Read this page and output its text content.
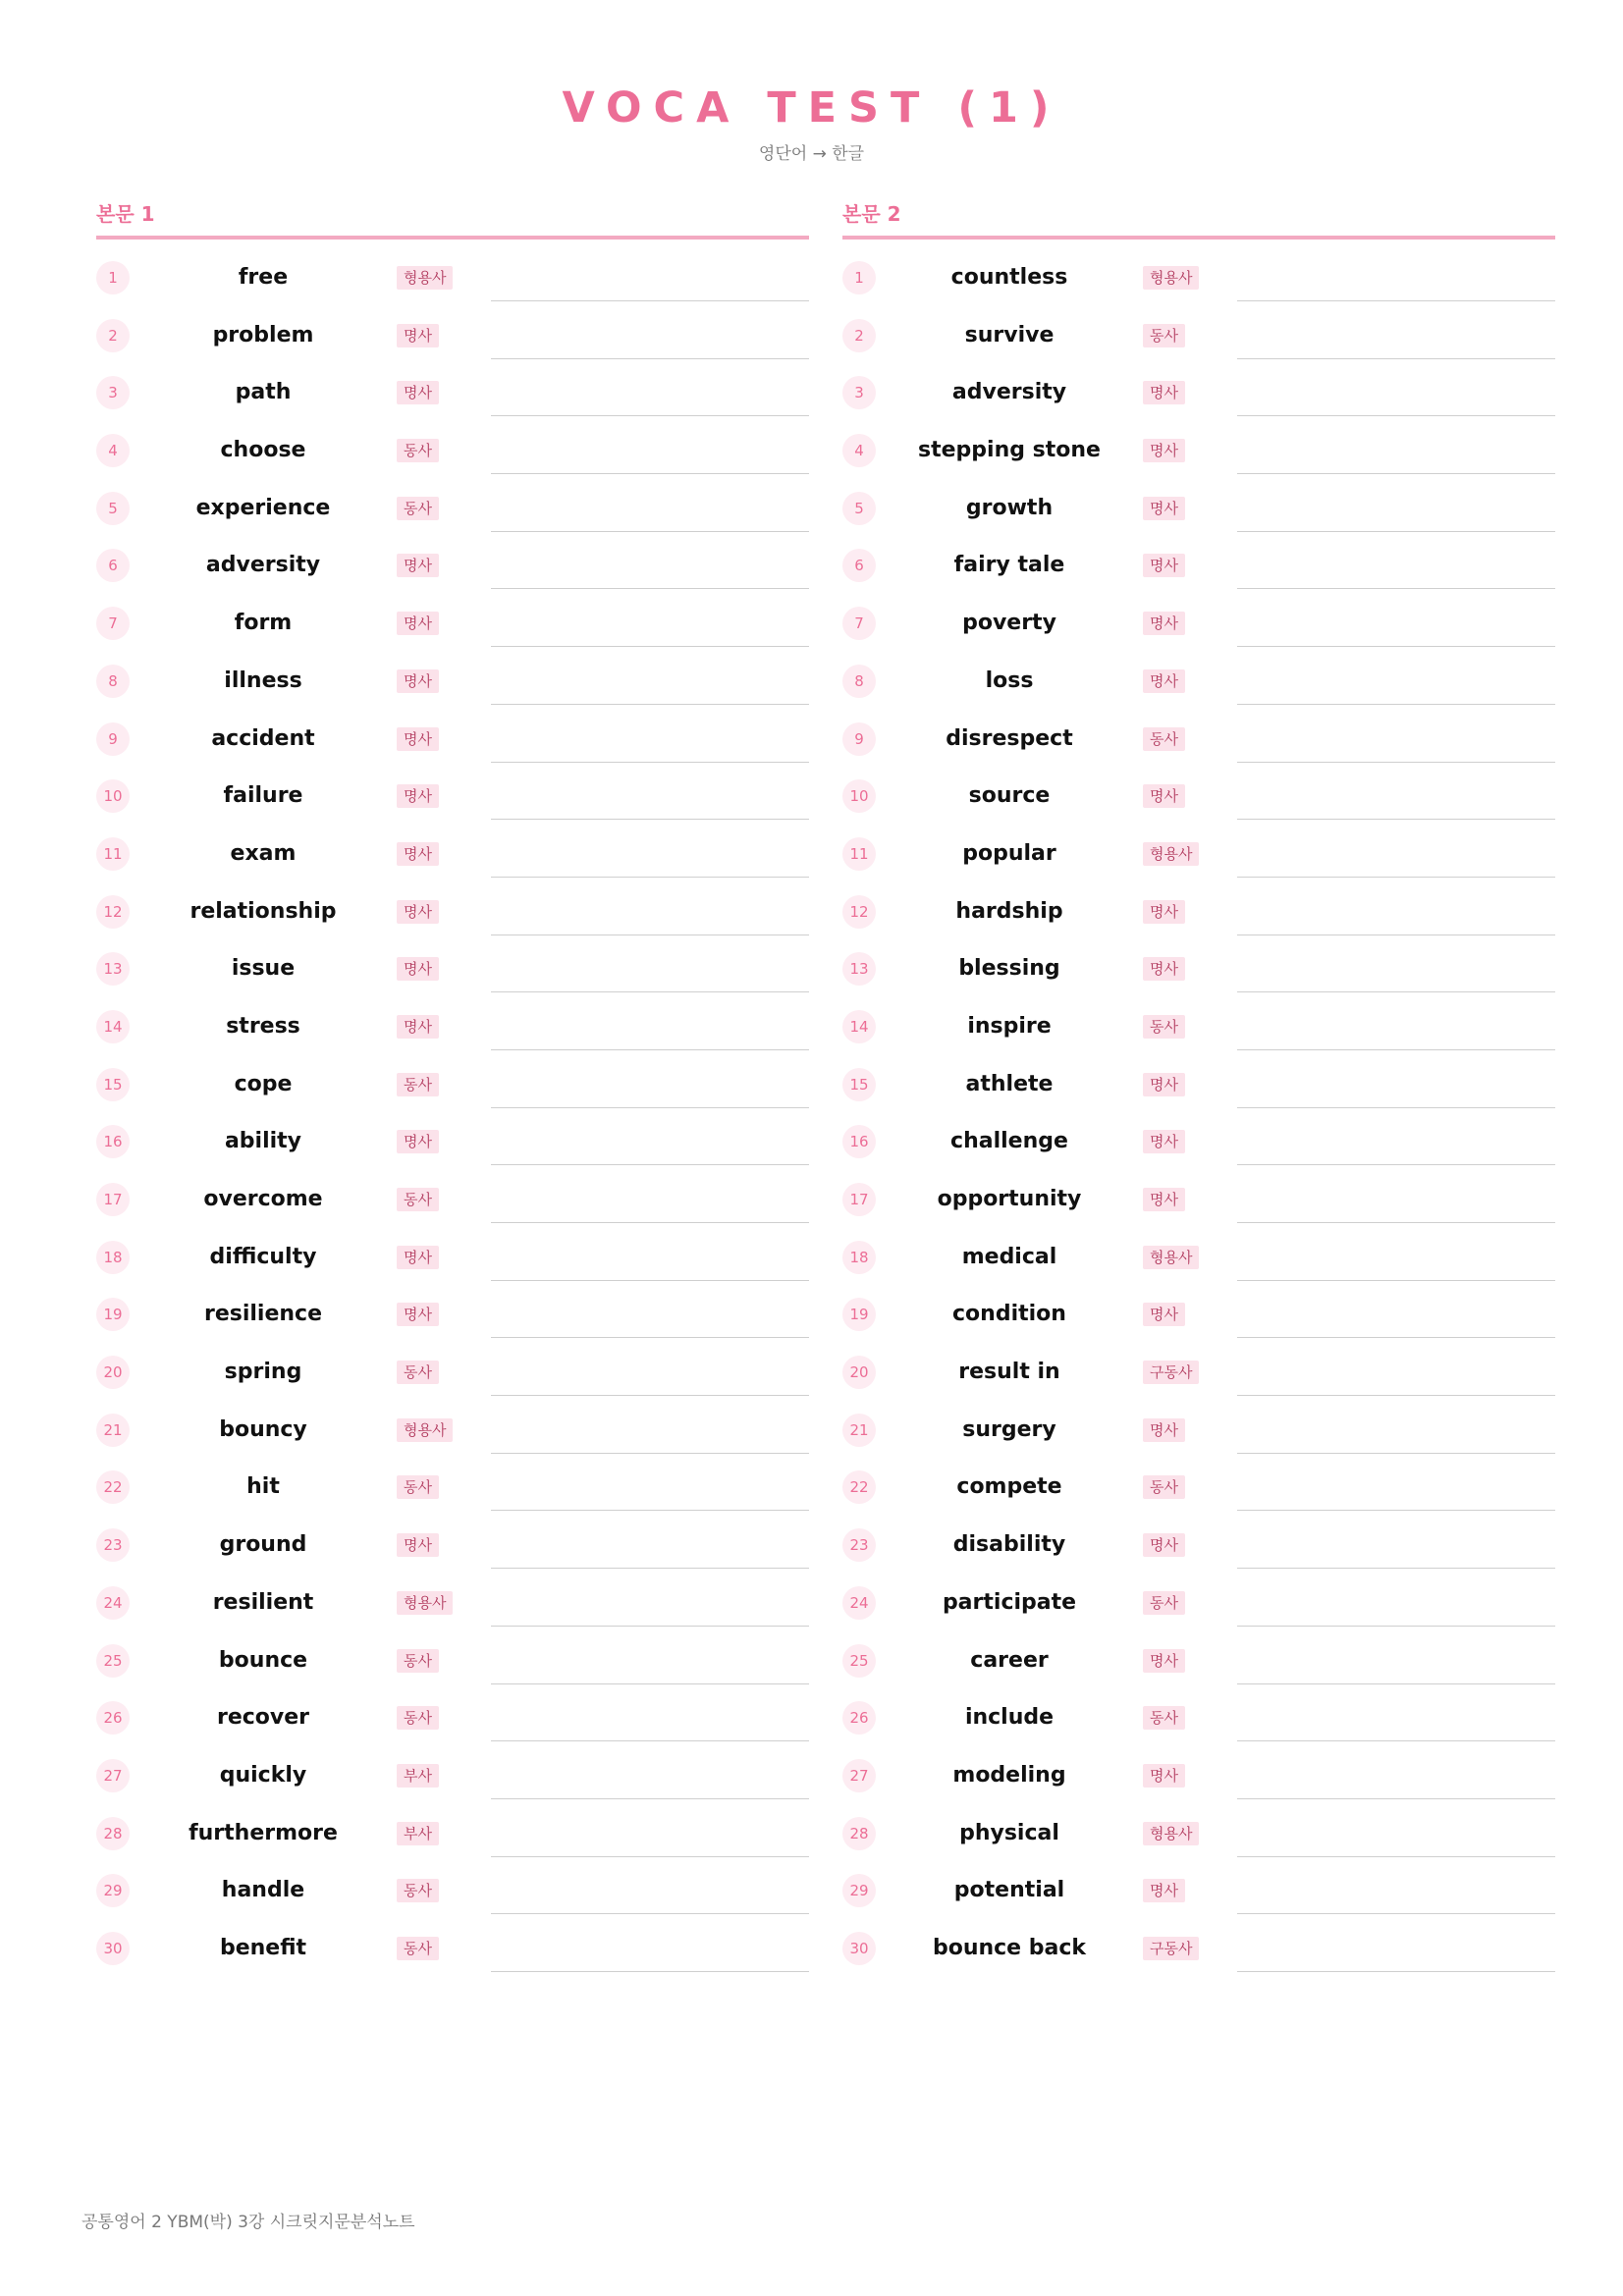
VOCA TEST (1)
영단어 → 한글
본문 1
1	free	형용사
2	problem	명사
3	path	명사
4	choose	동사
5	experience	동사
6	adversity	명사
7	form	명사
8	illness	명사
9	accident	명사
10	failure	명사
11	exam	명사
12	relationship	명사
13	issue	명사
14	stress	명사
15	cope	동사
16	ability	명사
17	overcome	동사
18	difficulty	명사
19	resilience	명사
20	spring	동사
21	bouncy	형용사
22	hit	동사
23	ground	명사
24	resilient	형용사
25	bounce	동사
26	recover	동사
27	quickly	부사
28	furthermore	부사
29	handle	동사
30	benefit	동사
본문 2
1	countless	형용사
2	survive	동사
3	adversity	명사
4	stepping stone	명사
5	growth	명사
6	fairy tale	명사
7	poverty	명사
8	loss	명사
9	disrespect	동사
10	source	명사
11	popular	형용사
12	hardship	명사
13	blessing	명사
14	inspire	동사
15	athlete	명사
16	challenge	명사
17	opportunity	명사
18	medical	형용사
19	condition	명사
20	result in	구동사
21	surgery	명사
22	compete	동사
23	disability	명사
24	participate	동사
25	career	명사
26	include	동사
27	modeling	명사
28	physical	형용사
29	potential	명사
30	bounce back	구동사
공통영어 2 YBM(박) 3강 시크릿지문분석노트
